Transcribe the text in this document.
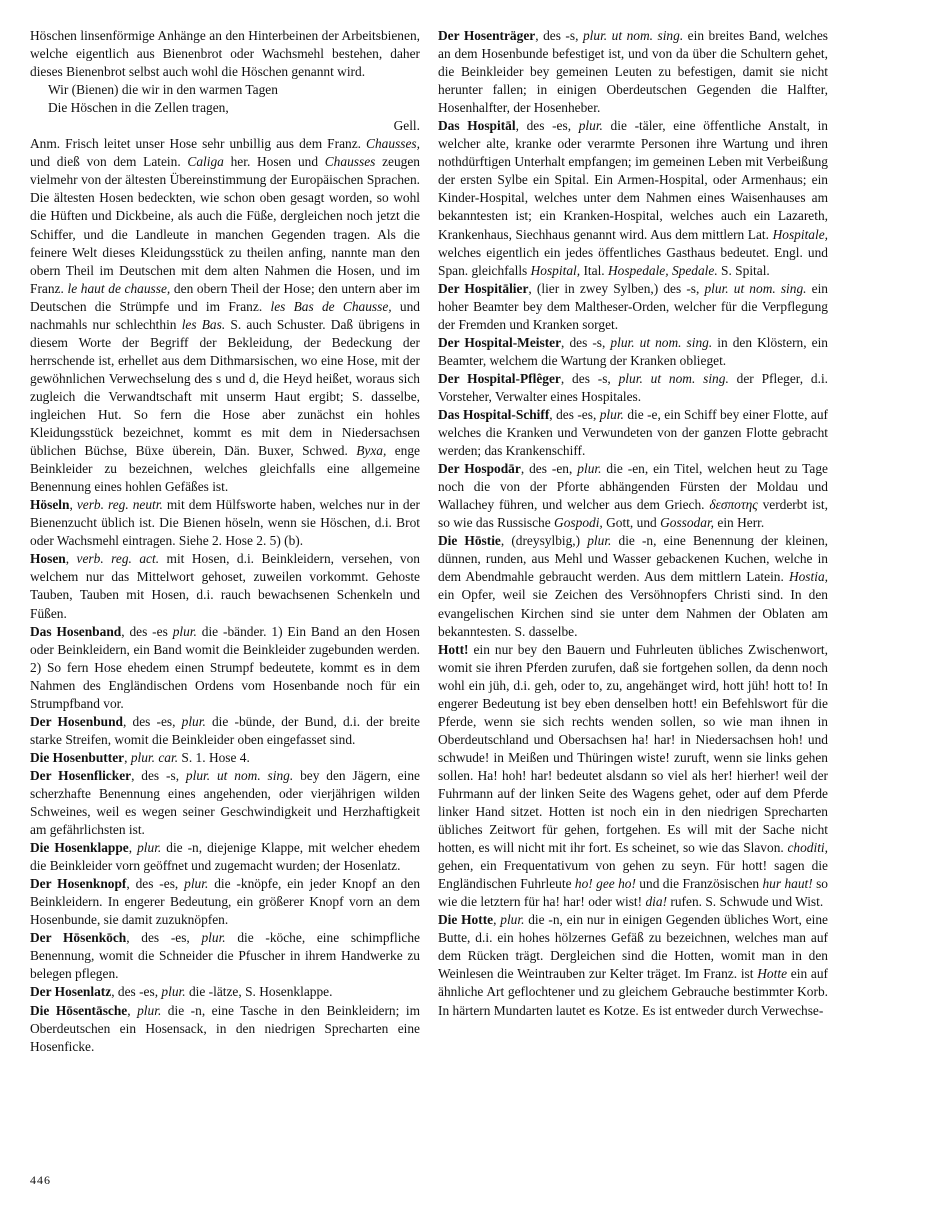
Höschen linsenförmige Anhänge an den Hinterbeinen der Arbeitsbienen, welche eigentlich aus Bienenbrot oder Wachsmehl bestehen, daher dieses Bienenbrot selbst auch wohl die Höschen genannt wird.

Wir (Bienen) die wir in den warmen Tagen

Die Höschen in die Zellen tragen,

Gell.

Anm. Frisch leitet unser Hose sehr unbillig aus dem Franz. Chausses, und dieß von dem Latein. Caliga her. Hosen und Chausses zeugen vielmehr von der ältesten Übereinstimmung der Europäischen Sprachen. Die ältesten Hosen bedeckten, wie schon oben gesagt worden, so wohl die Hüften und Dickbeine, als auch die Füße, dergleichen noch jetzt die Schiffer, und die Landleute in manchen Gegenden tragen. Als die feinere Welt dieses Kleidungsstück zu theilen anfing, nannte man den obern Theil im Deutschen mit dem alten Nahmen die Hosen, und im Franz. le haut de chausse, den obern Theil der Hose; den untern aber im Deutschen die Strümpfe und im Franz. les Bas de Chausse, und nachmahls nur schlechthin les Bas. S. auch Schuster. Daß übrigens in diesem Worte der Begriff der Bekleidung, der Bedeckung der herrschende ist, erhellet aus dem Dithmarsischen, wo eine Hose, mit der gewöhnlichen Verwechselung des s und d, die Heyd heißet, woraus sich zugleich die Verwandtschaft mit unserm Haut ergibt; S. dasselbe, ingleichen Hut. So fern die Hose aber zunächst ein hohles Kleidungsstück bezeichnet, kommt es mit dem in Niedersachsen üblichen Büchse, Büxe überein, Dän. Buxer, Schwed. Byxa, enge Beinkleider zu bezeichnen, welches gleichfalls eine allgemeine Benennung eines hohlen Gefäßes ist.

Höseln, verb. reg. neutr. mit dem Hülfsworte haben, welches nur in der Bienenzucht üblich ist. Die Bienen höseln, wenn sie Höschen, d.i. Brot oder Wachsmehl eintragen. Siehe 2. Hose 2. 5) (b).

Hosen, verb. reg. act. mit Hosen, d.i. Beinkleidern, versehen, von welchem nur das Mittelwort gehoset, zuweilen vorkommt. Gehoste Tauben, Tauben mit Hosen, d.i. rauch bewachsenen Schenkeln und Füßen.

Das Hosenband, des -es plur. die -bänder. 1) Ein Band an den Hosen oder Beinkleidern, ein Band womit die Beinkleider zugebunden werden. 2) So fern Hose ehedem einen Strumpf bedeutete, kommt es in dem Nahmen des Engländischen Ordens vom Hosenbande noch für ein Strumpfband vor.

Der Hosenbund, des -es, plur. die -bünde, der Bund, d.i. der breite starke Streifen, womit die Beinkleider oben eingefasset sind.

Die Hosenbutter, plur. car. S. 1. Hose 4.

Der Hosenflicker, des -s, plur. ut nom. sing. bey den Jägern, eine scherzhafte Benennung eines angehenden, oder vierjährigen wilden Schweines, weil es wegen seiner Geschwindigkeit und Herzhaftigkeit am gefährlichsten ist.

Die Hosenklappe, plur. die -n, diejenige Klappe, mit welcher ehedem die Beinkleider vorn geöffnet und zugemacht wurden; der Hosenlatz.

Der Hosenknopf, des -es, plur. die -knöpfe, ein jeder Knopf an den Beinkleidern. In engerer Bedeutung, ein größerer Knopf vorn an dem Hosenbunde, sie damit zuzuknöpfen.

Der Hōsenkōch, des -es, plur. die -köche, eine schimpfliche Benennung, womit die Schneider die Pfuscher in ihrem Handwerke zu belegen pflegen.

Der Hosenlatz, des -es, plur. die -lätze, S. Hosenklappe.

Die Hōsentāsche, plur. die -n, eine Tasche in den Beinkleidern; im Oberdeutschen ein Hosensack, in den niedrigen Sprecharten eine Hosenficke.

Der Hosenträger, des -s, plur. ut nom. sing. ein breites Band, welches an dem Hosenbunde befestiget ist, und von da über die Schultern gehet, die Beinkleider bey gemeinen Leuten zu befestigen, damit sie nicht herunter fallen; in einigen Oberdeutschen Gegenden die Halfter, Hosenhalfter, der Hosenheber.

Das Hospitāl, des -es, plur. die -täler, eine öffentliche Anstalt, in welcher alte, kranke oder verarmte Personen ihre Wartung und ihren nothdürftigen Unterhalt empfangen; im gemeinen Leben mit Verbeißung der ersten Sylbe ein Spital. Ein Armen-Hospital, oder Armenhaus; ein Kinder-Hospital, welches unter dem Nahmen eines Waisenhauses am bekanntesten ist; ein Kranken-Hospital, welches auch ein Lazareth, Krankenhaus, Siechhaus genannt wird. Aus dem mittlern Lat. Hospitale, welches eigentlich ein jedes öffentliches Gasthaus bedeutet. Engl. und Span. gleichfalls Hospital, Ital. Hospedale, Spedale. S. Spital.

Der Hospitālier, (lier in zwey Sylben,) des -s, plur. ut nom. sing. ein hoher Beamter bey dem Maltheser-Orden, welcher für die Verpflegung der Fremden und Kranken sorget.

Der Hospital-Meister, des -s, plur. ut nom. sing. in den Klöstern, ein Beamter, welchem die Wartung der Kranken oblieget.

Der Hospital-Pflêger, des -s, plur. ut nom. sing. der Pfleger, d.i. Vorsteher, Verwalter eines Hospitales.

Das Hospital-Schiff, des -es, plur. die -e, ein Schiff bey einer Flotte, auf welches die Kranken und Verwundeten von der ganzen Flotte gebracht werden; das Krankenschiff.

Der Hospodār, des -en, plur. die -en, ein Titel, welchen heut zu Tage noch die von der Pforte abhängenden Fürsten der Moldau und Wallachey führen, und welcher aus dem Griech. δεσποτης verderbt ist, so wie das Russische Gospodi, Gott, und Gossodar, ein Herr.

Die Hōstie, (dreysylbig,) plur. die -n, eine Benennung der kleinen, dünnen, runden, aus Mehl und Wasser gebackenen Kuchen, welche in dem Abendmahle gebraucht werden. Aus dem mittlern Latein. Hostia, ein Opfer, weil sie Zeichen des Versöhnopfers Christi sind. In den evangelischen Kirchen sind sie unter dem Nahmen der Oblaten am bekanntesten. S. dasselbe.

Hott! ein nur bey den Bauern und Fuhrleuten übliches Zwischenwort, womit sie ihren Pferden zurufen, daß sie fortgehen sollen, da denn noch wohl ein jüh, d.i. geh, oder to, zu, angehänget wird, hott jüh! hott to! In engerer Bedeutung ist bey eben denselben hott! ein Befehlswort für die Pferde, wenn sie sich rechts wenden sollen, so wie man ihnen in Oberdeutschland und Obersachsen ha! har! in Niedersachsen hoh! und schwude! in Meißen und Thüringen wiste! zuruft, wenn sie links gehen sollen. Ha! hoh! har! bedeutet alsdann so viel als her! hierher! weil der Fuhrmann auf der linken Seite des Wagens gehet, oder auf dem Pferde linker Hand sitzet. Hotten ist noch ein in den niedrigen Sprecharten übliches Zeitwort für gehen, fortgehen. Es will mit der Sache nicht hotten, es will nicht mit ihr fort. Es scheinet, so wie das Slavon. choditi, gehen, ein Frequentativum von gehen zu seyn. Für hott! sagen die Engländischen Fuhrleute ho! gee ho! und die Französischen hur haut! so wie die letztern für ha! har! oder wist! dia! rufen. S. Schwude und Wist.

Die Hotte, plur. die -n, ein nur in einigen Gegenden übliches Wort, eine Butte, d.i. ein hohes hölzernes Gefäß zu bezeichnen, welches man auf dem Rücken trägt. Dergleichen sind die Hotten, womit man in den Weinlesen die Weintrauben zur Kelter träget. Im Franz. ist Hotte ein auf ähnliche Art geflochtener und zu gleichem Gebrauche bestimmter Korb. In härtern Mundarten lautet es Kotze. Es ist entweder durch Verwechse-

446
